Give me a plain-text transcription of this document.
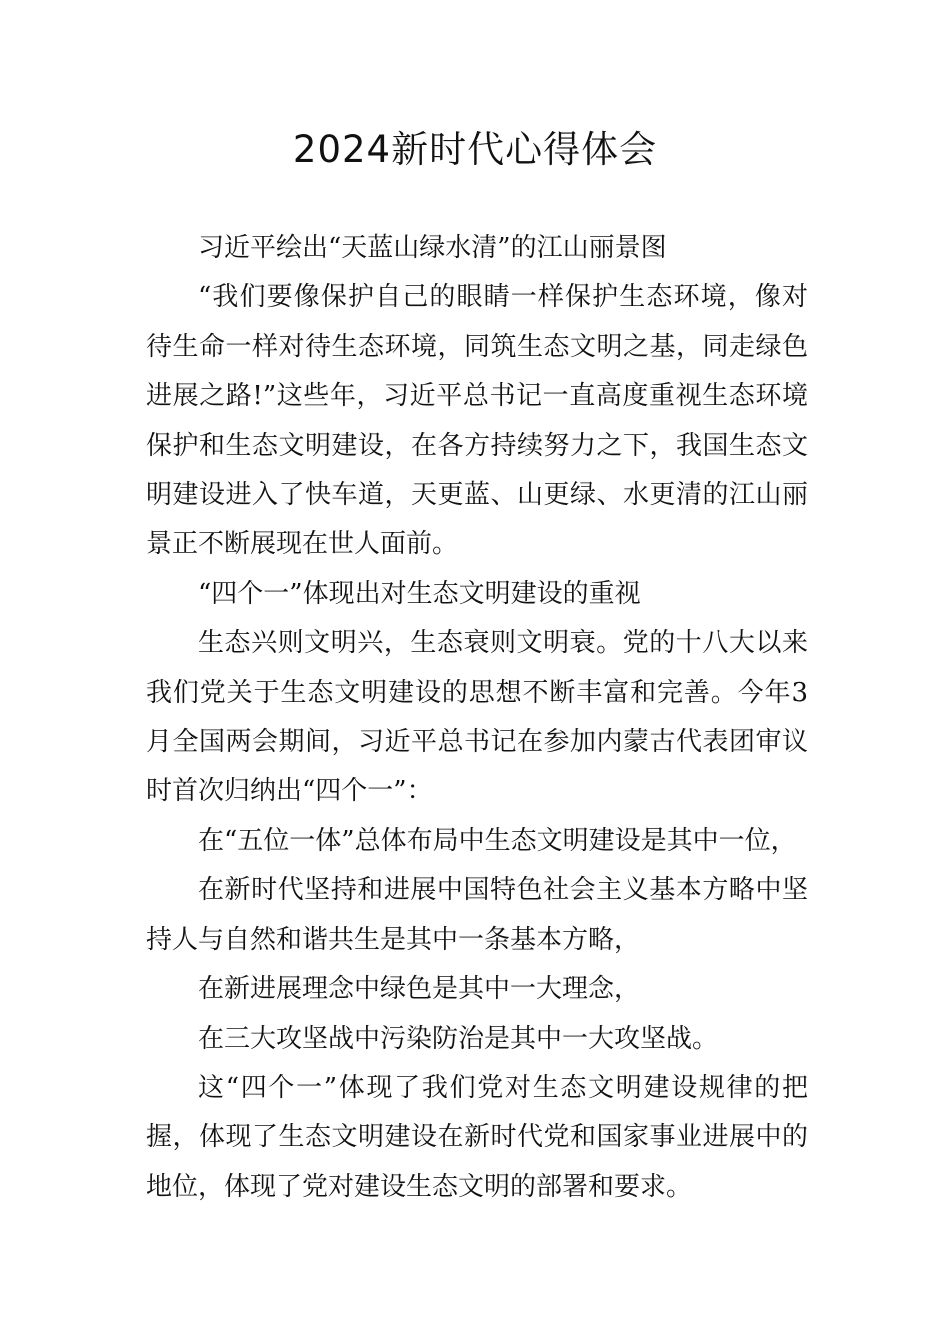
2024新时代心得体会

习近平绘出“天蓝山绿水清”的江山丽景图

“我们要像保护自己的眼睛一样保护生态环境，像对待生命一样对待生态环境，同筑生态文明之基，同走绿色进展之路!”这些年，习近平总书记一直高度重视生态环境保护和生态文明建设，在各方持续努力之下，我国生态文明建设进入了快车道，天更蓝、山更绿、水更清的江山丽景正不断展现在世人面前。

“四个一”体现出对生态文明建设的重视

生态兴则文明兴，生态衰则文明衰。党的十八大以来我们党关于生态文明建设的思想不断丰富和完善。今年3月全国两会期间，习近平总书记在参加内蒙古代表团审议时首次归纳出“四个一”：

在“五位一体”总体布局中生态文明建设是其中一位，

在新时代坚持和进展中国特色社会主义基本方略中坚持人与自然和谐共生是其中一条基本方略，

在新进展理念中绿色是其中一大理念，

在三大攻坚战中污染防治是其中一大攻坚战。

这“四个一”体现了我们党对生态文明建设规律的把握，体现了生态文明建设在新时代党和国家事业进展中的地位，体现了党对建设生态文明的部署和要求。
